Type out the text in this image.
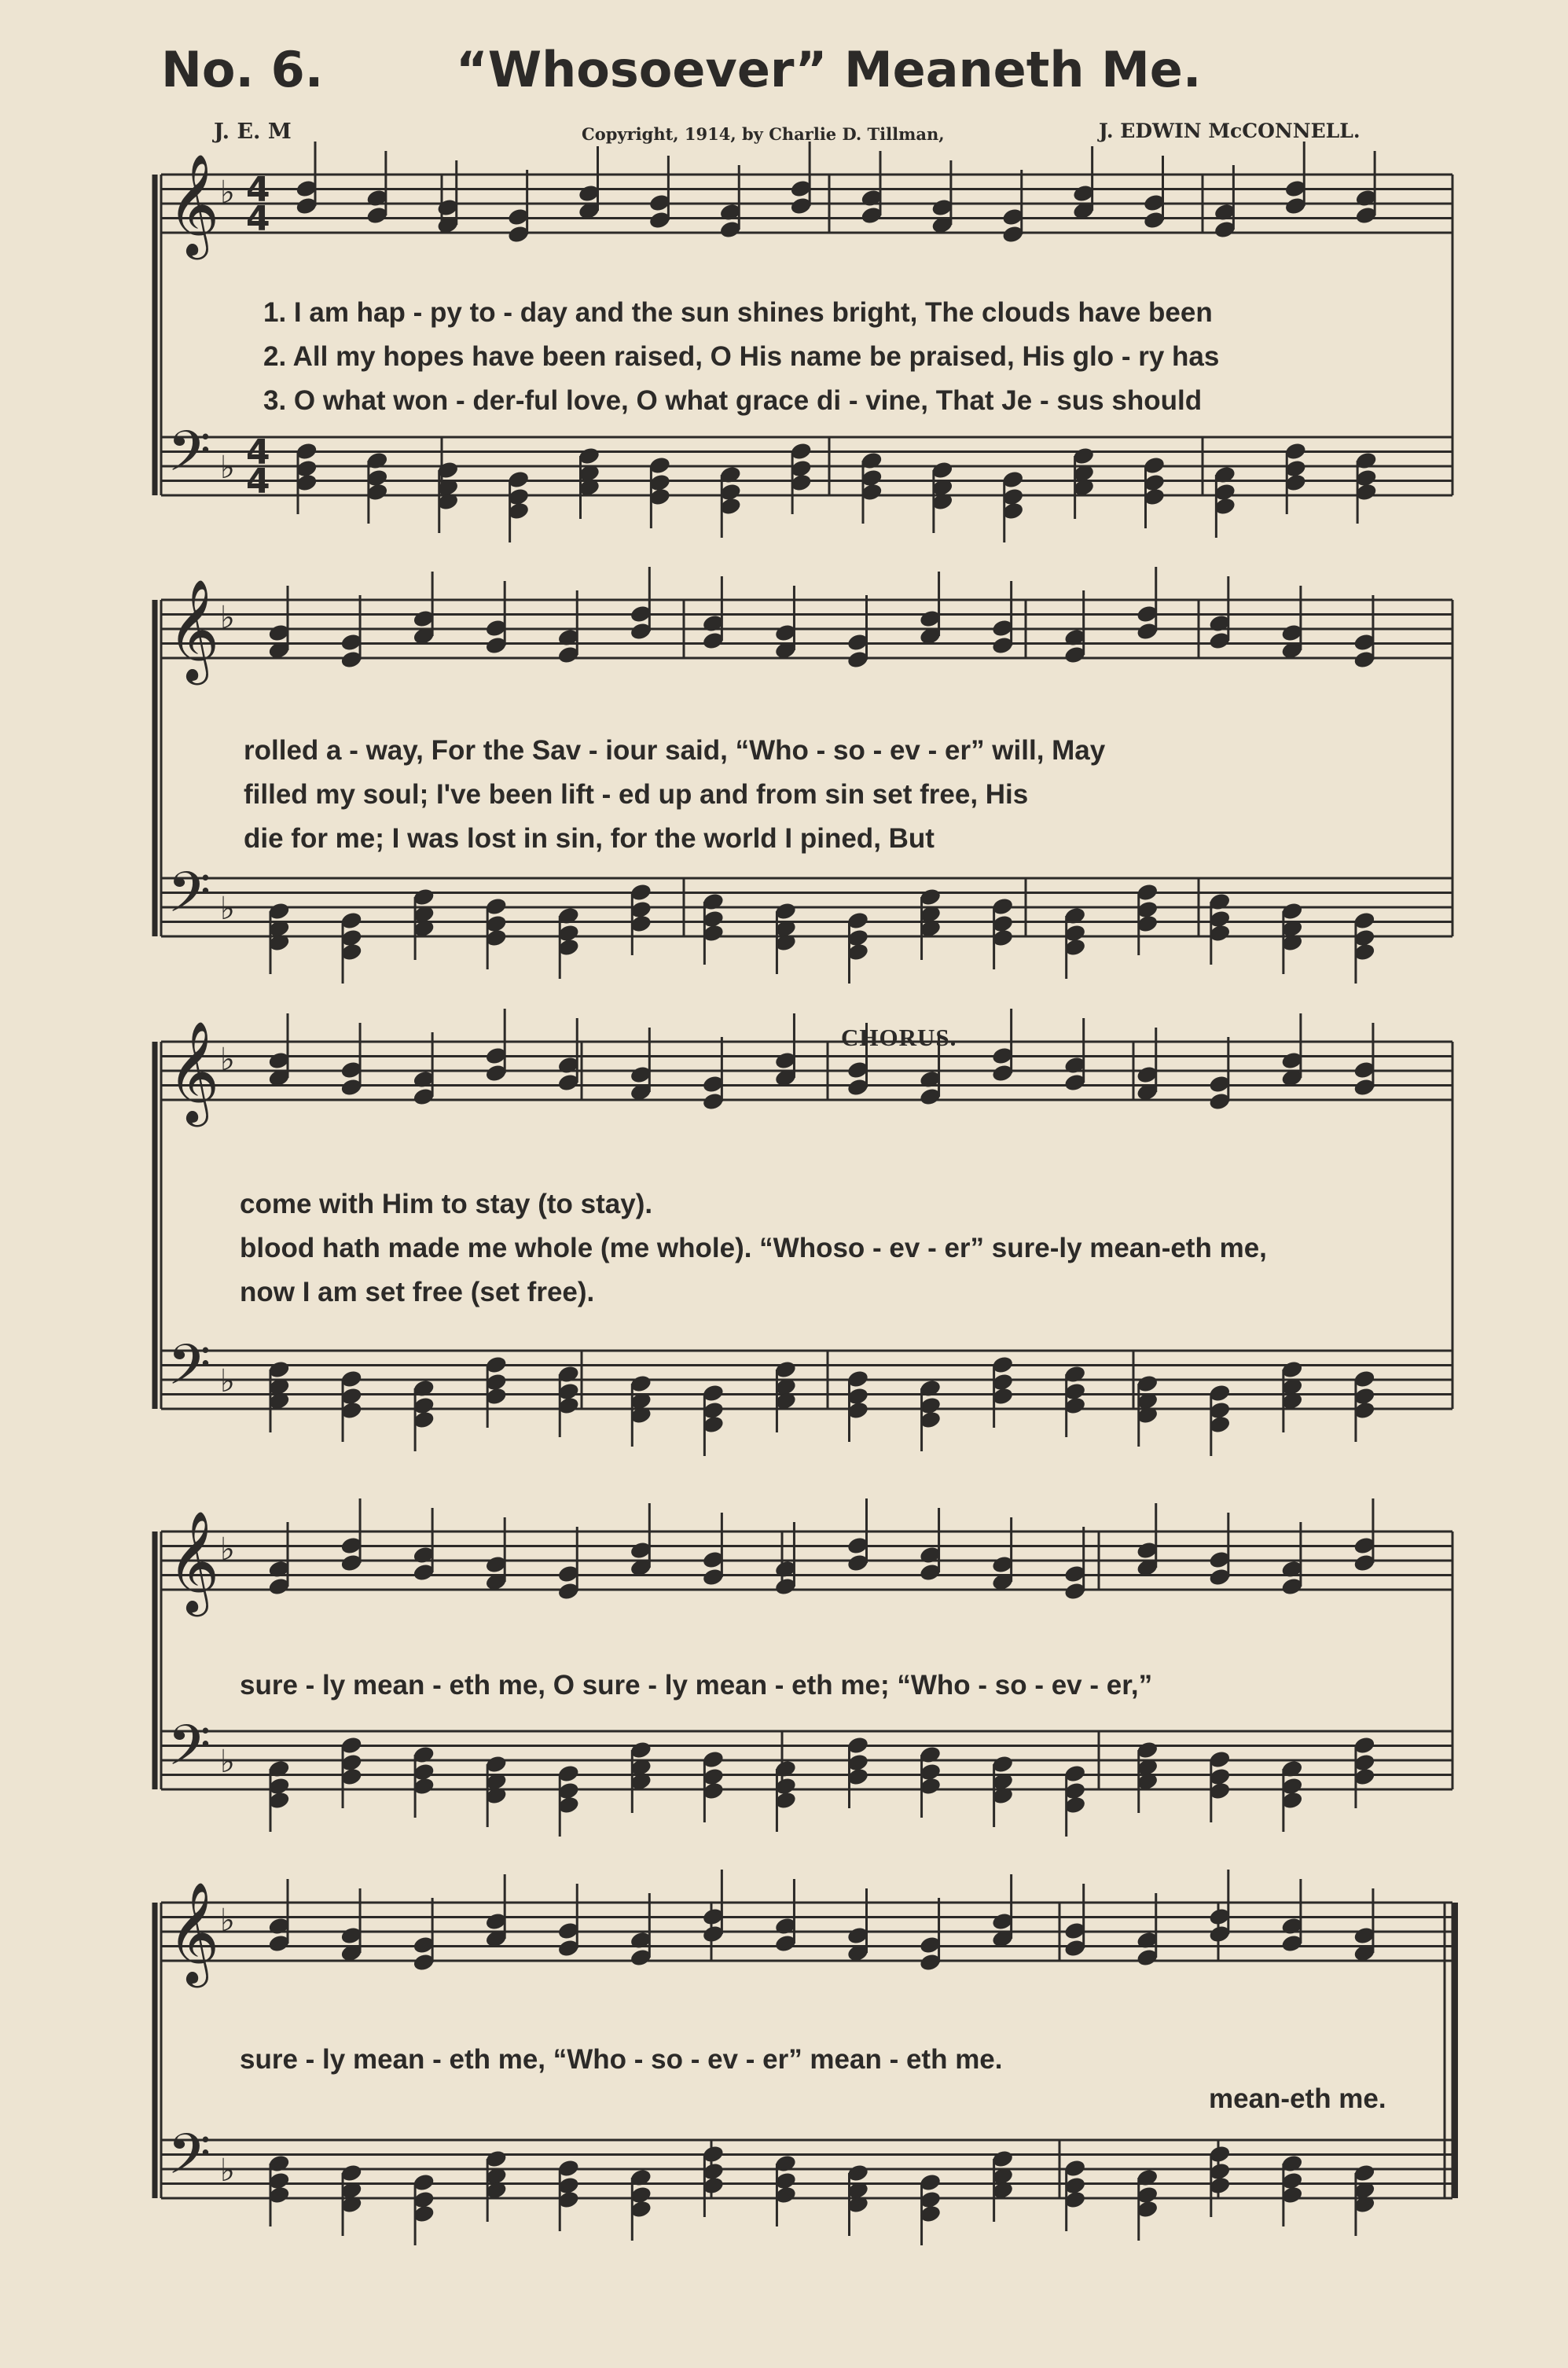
No. 6.	“Whosoever” Meaneth Me.
J. E. M	Copyright, 1914, by Charlie D. Tillman,	J. EDWIN McCONNELL.
𝄞 ♭
𝄢 ♭
4
4
4
4
𝄞 ♭
𝄢 ♭
𝄞 ♭
𝄢 ♭
𝄞 ♭
𝄢 ♭
𝄞 ♭
𝄢 ♭
1. I am hap - py to - day and the sun shines bright, The clouds have been
2. All my hopes have been raised, O His name be praised, His glo - ry has
3. O what won - der-ful love, O what grace di - vine, That Je - sus should
rolled a - way, For the Sav - iour said, “Who - so - ev - er” will, May
filled my soul; I've been lift - ed up and from sin set free, His
die for me; I was lost in sin, for the world I pined, But
CHORUS.
come with Him to stay (to stay).
blood hath made me whole (me whole). “Whoso - ev - er” sure-ly mean-eth me,
now I am set free (set free).
sure - ly mean - eth me, O sure - ly mean - eth me; “Who - so - ev - er,”
sure - ly mean - eth me, “Who - so - ev - er” mean - eth me.
mean-eth me.
